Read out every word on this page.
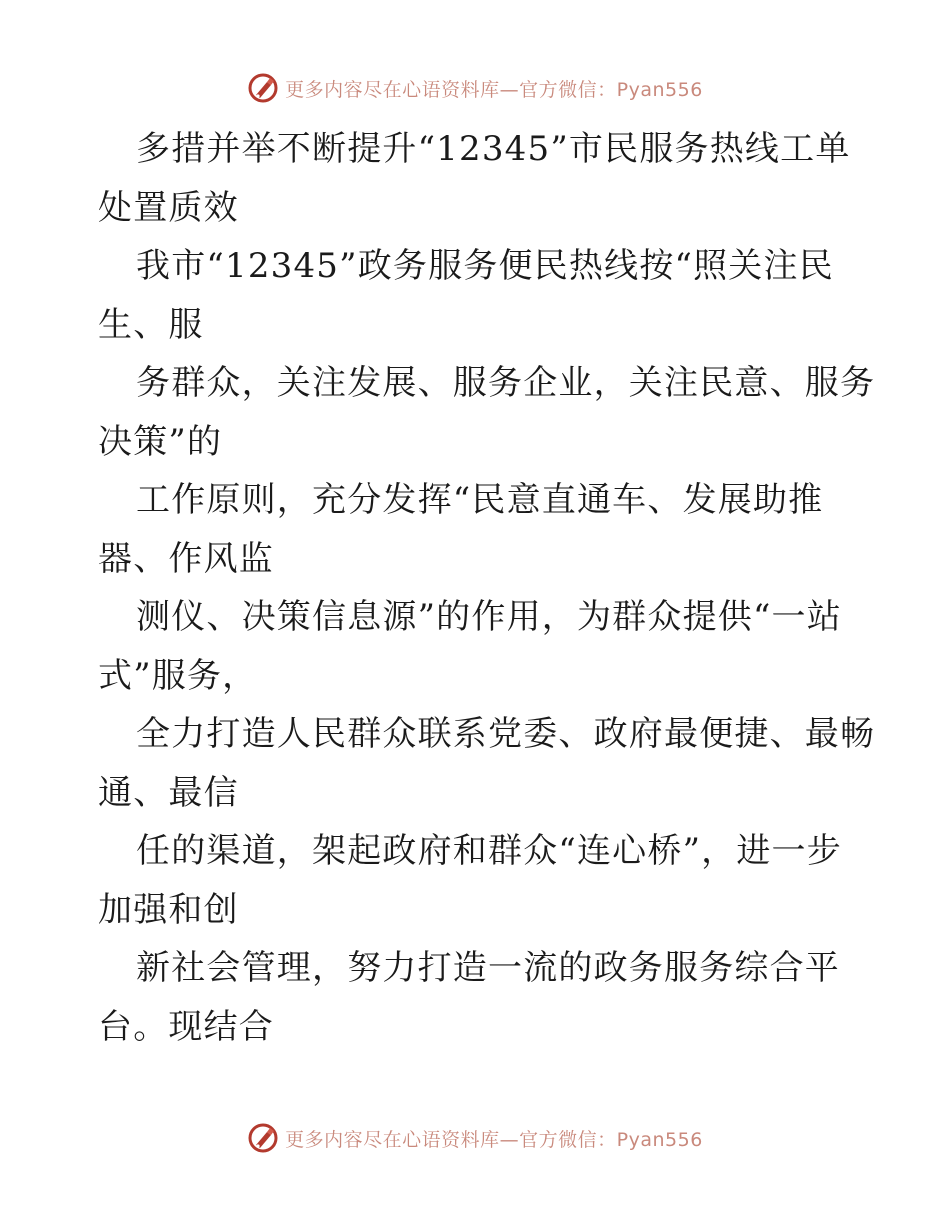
更多内容尽在心语资料库—官方微信：Pyan556
多措并举不断提升“12345”市民服务热线工单
处置质效
我市“12345”政务服务便民热线按“照关注民
生、服
务群众，关注发展、服务企业，关注民意、服务
决策”的
工作原则，充分发挥“民意直通车、发展助推
器、作风监
测仪、决策信息源”的作用，为群众提供“一站
式”服务，
全力打造人民群众联系党委、政府最便捷、最畅
通、最信
任的渠道，架起政府和群众“连心桥”，进一步
加强和创
新社会管理，努力打造一流的政务服务综合平
台。现结合
更多内容尽在心语资料库—官方微信：Pyan556
